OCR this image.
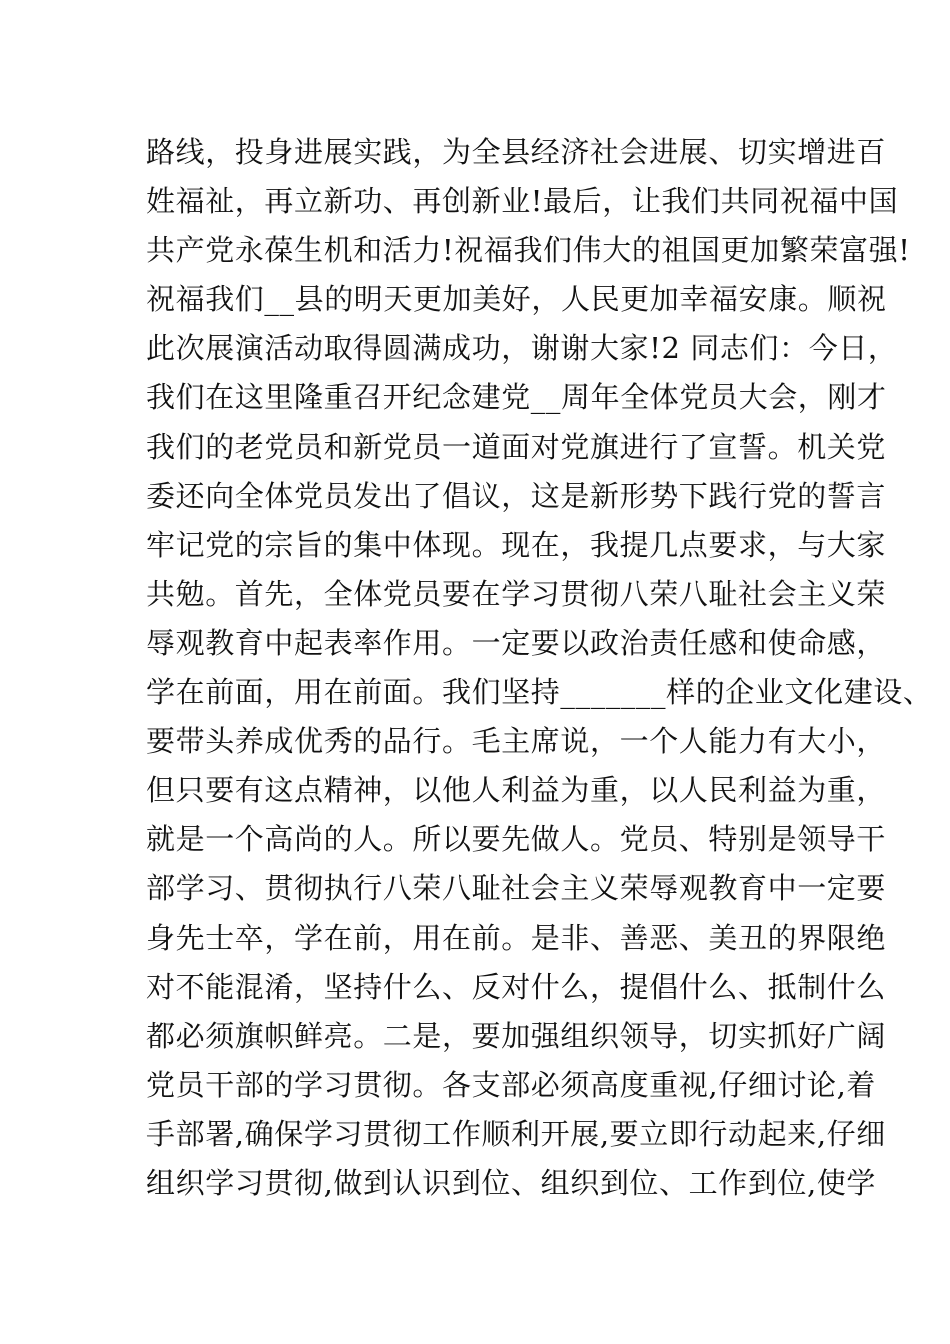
路线，投身进展实践，为全县经济社会进展、切实增进百
姓福祉，再立新功、再创新业!最后，让我们共同祝福中国
共产党永葆生机和活力!祝福我们伟大的祖国更加繁荣富强!
祝福我们__县的明天更加美好，人民更加幸福安康。顺祝
此次展演活动取得圆满成功，谢谢大家!2 同志们：今日，
我们在这里隆重召开纪念建党__周年全体党员大会，刚才
我们的老党员和新党员一道面对党旗进行了宣誓。机关党
委还向全体党员发出了倡议，这是新形势下践行党的誓言
牢记党的宗旨的集中体现。现在，我提几点要求，与大家
共勉。首先，全体党员要在学习贯彻八荣八耻社会主义荣
辱观教育中起表率作用。一定要以政治责任感和使命感，
学在前面，用在前面。我们坚持_______样的企业文化建设、
要带头养成优秀的品行。毛主席说，一个人能力有大小，
但只要有这点精神，以他人利益为重，以人民利益为重，
就是一个高尚的人。所以要先做人。党员、特别是领导干
部学习、贯彻执行八荣八耻社会主义荣辱观教育中一定要
身先士卒，学在前，用在前。是非、善恶、美丑的界限绝
对不能混淆，坚持什么、反对什么，提倡什么、抵制什么
都必须旗帜鲜亮。二是，要加强组织领导，切实抓好广阔
党员干部的学习贯彻。各支部必须高度重视,仔细讨论,着
手部署,确保学习贯彻工作顺利开展,要立即行动起来,仔细
组织学习贯彻,做到认识到位、组织到位、工作到位,使学
